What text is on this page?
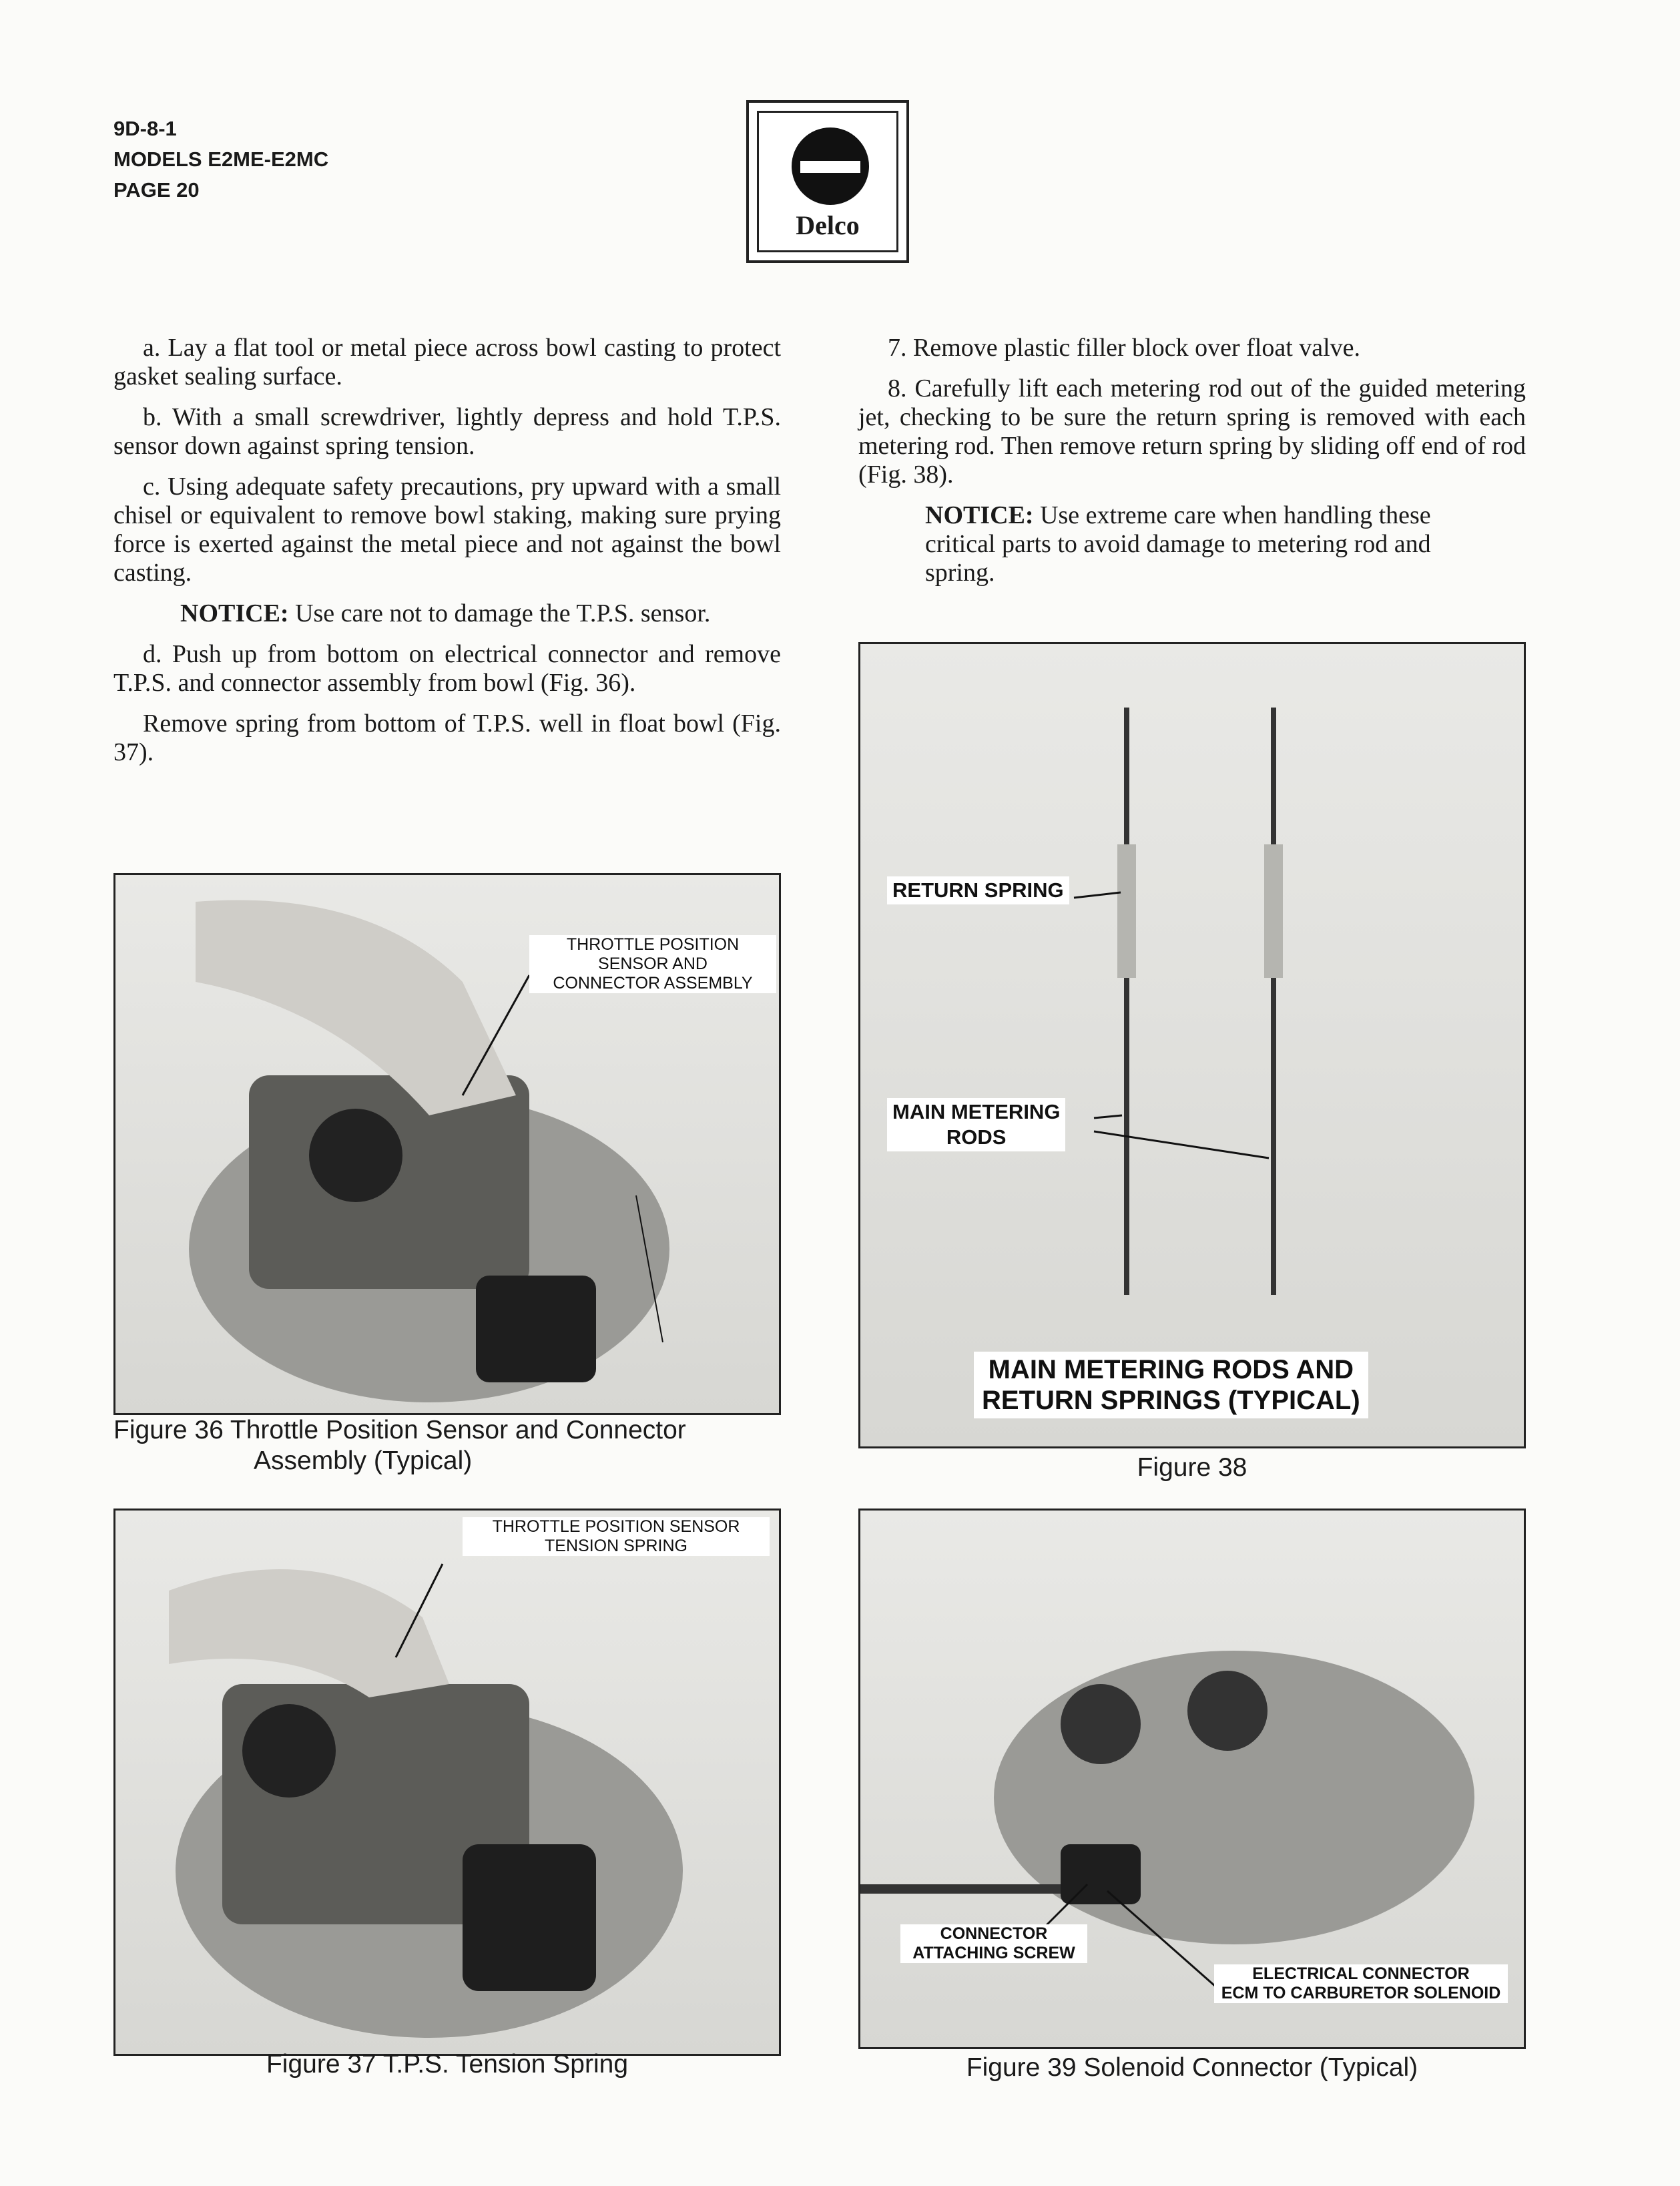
9D-8-1
MODELS E2ME-E2MC
PAGE 20
Delco

a. Lay a flat tool or metal piece across bowl casting to protect gasket sealing surface.

b. With a small screwdriver, lightly depress and hold T.P.S. sensor down against spring tension.

c. Using adequate safety precautions, pry upward with a small chisel or equivalent to remove bowl staking, making sure prying force is exerted against the metal piece and not against the bowl casting.

NOTICE: Use care not to damage the T.P.S. sensor.

d. Push up from bottom on electrical connector and remove T.P.S. and connector assembly from bowl (Fig. 36).

Remove spring from bottom of T.P.S. well in float bowl (Fig. 37).

7. Remove plastic filler block over float valve.

8. Carefully lift each metering rod out of the guided metering jet, checking to be sure the return spring is removed with each metering rod. Then remove return spring by sliding off end of rod (Fig. 38).

NOTICE: Use extreme care when handling these critical parts to avoid damage to metering rod and spring.

THROTTLE POSITION
SENSOR AND
CONNECTOR ASSEMBLY
Figure 36 Throttle Position Sensor and Connector
Assembly (Typical)
THROTTLE POSITION SENSOR
TENSION SPRING
Figure 37 T.P.S. Tension Spring
RETURN SPRING
MAIN METERING
RODS
MAIN METERING RODS AND
RETURN SPRINGS (TYPICAL)
Figure 38
CONNECTOR
ATTACHING SCREW
ELECTRICAL CONNECTOR
ECM TO CARBURETOR SOLENOID
Figure 39 Solenoid Connector (Typical)
